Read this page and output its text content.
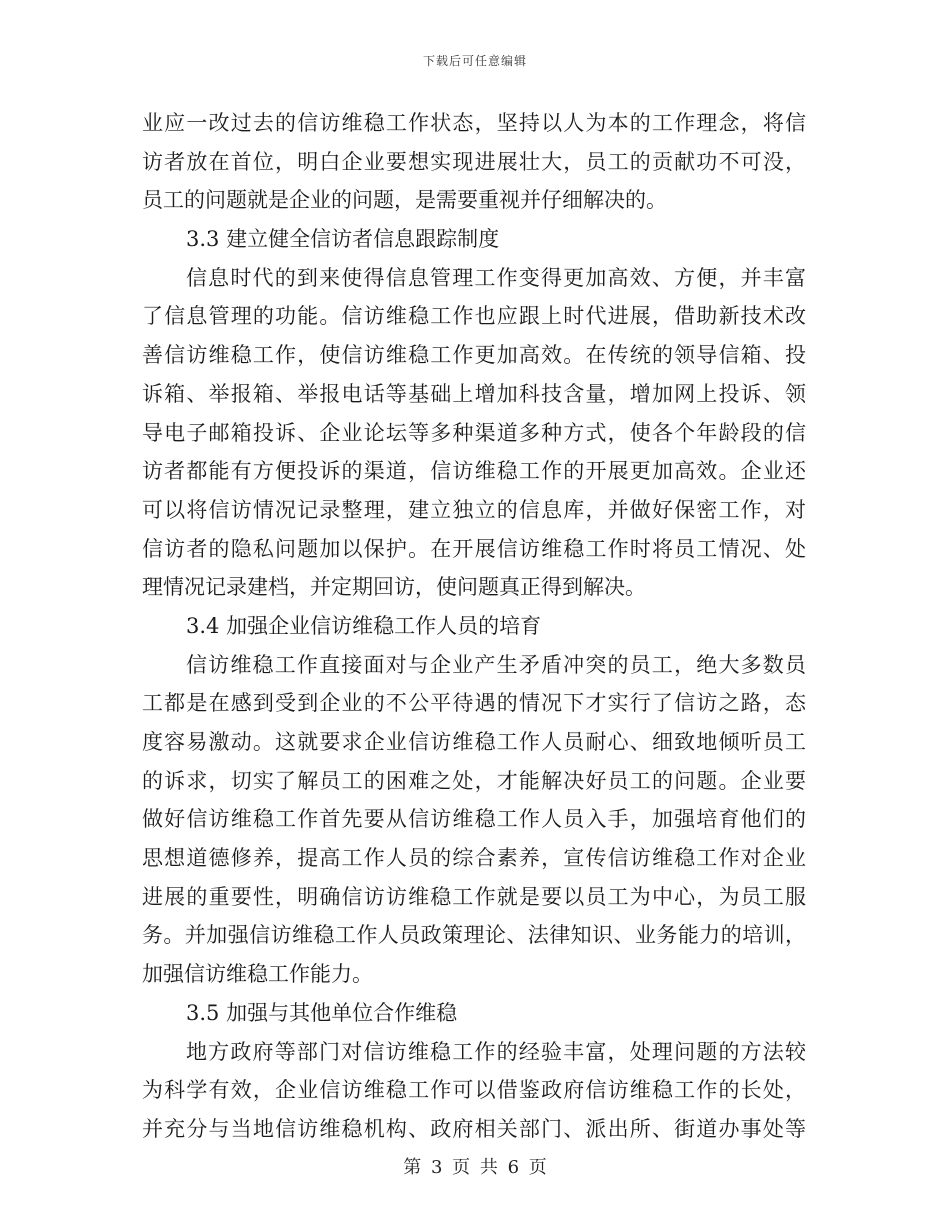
下载后可任意编辑
业应一改过去的信访维稳工作状态，坚持以人为本的工作理念，将信
访者放在首位，明白企业要想实现进展壮大，员工的贡献功不可没，
员工的问题就是企业的问题，是需要重视并仔细解决的。
3.3 建立健全信访者信息跟踪制度
信息时代的到来使得信息管理工作变得更加高效、方便，并丰富
了信息管理的功能。信访维稳工作也应跟上时代进展，借助新技术改
善信访维稳工作，使信访维稳工作更加高效。在传统的领导信箱、投
诉箱、举报箱、举报电话等基础上增加科技含量，增加网上投诉、领
导电子邮箱投诉、企业论坛等多种渠道多种方式，使各个年龄段的信
访者都能有方便投诉的渠道，信访维稳工作的开展更加高效。企业还
可以将信访情况记录整理，建立独立的信息库，并做好保密工作，对
信访者的隐私问题加以保护。在开展信访维稳工作时将员工情况、处
理情况记录建档，并定期回访，使问题真正得到解决。
3.4 加强企业信访维稳工作人员的培育
信访维稳工作直接面对与企业产生矛盾冲突的员工，绝大多数员
工都是在感到受到企业的不公平待遇的情况下才实行了信访之路，态
度容易激动。这就要求企业信访维稳工作人员耐心、细致地倾听员工
的诉求，切实了解员工的困难之处，才能解决好员工的问题。企业要
做好信访维稳工作首先要从信访维稳工作人员入手，加强培育他们的
思想道德修养，提高工作人员的综合素养，宣传信访维稳工作对企业
进展的重要性，明确信访访维稳工作就是要以员工为中心，为员工服
务。并加强信访维稳工作人员政策理论、法律知识、业务能力的培训，
加强信访维稳工作能力。
3.5 加强与其他单位合作维稳
地方政府等部门对信访维稳工作的经验丰富，处理问题的方法较
为科学有效，企业信访维稳工作可以借鉴政府信访维稳工作的长处，
并充分与当地信访维稳机构、政府相关部门、派出所、街道办事处等
第 3 页 共 6 页
